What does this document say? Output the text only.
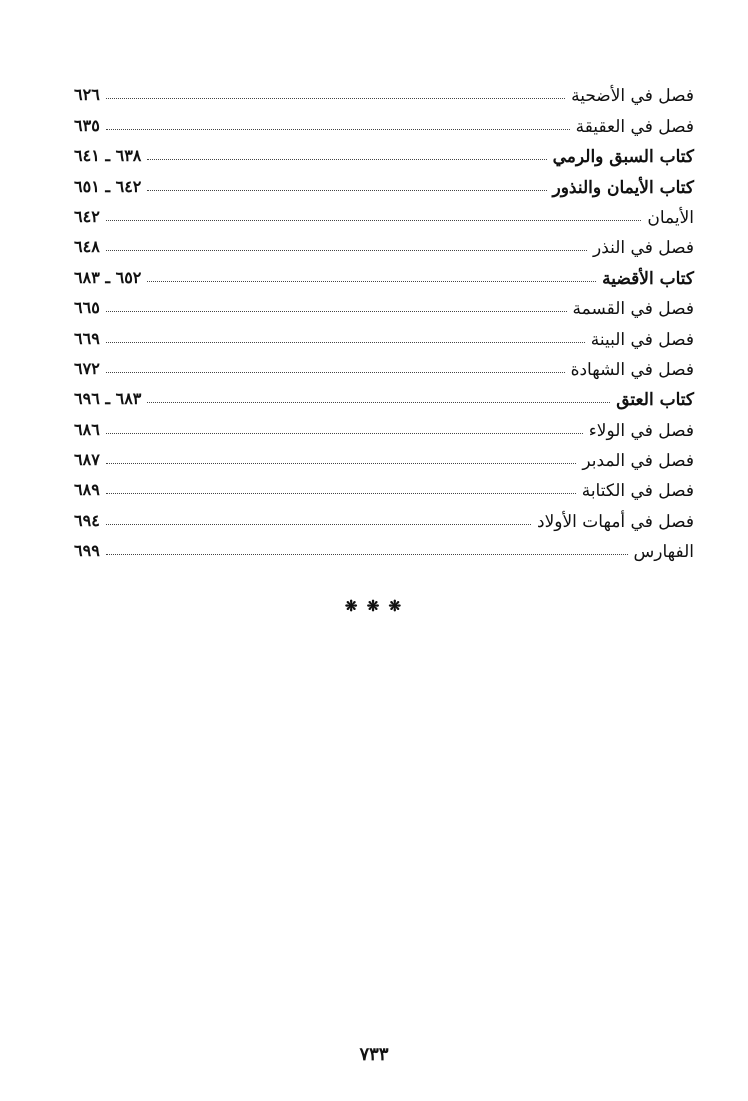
فصل في الأضحية
٦٢٦
فصل في العقيقة
٦٣٥
كتاب السبق والرمي
٦٣٨ ـ ٦٤١
كتاب الأيمان والنذور
٦٤٢ ـ ٦٥١
الأيمان
٦٤٢
فصل في النذر
٦٤٨
كتاب الأقضية
٦٥٢ ـ ٦٨٣
فصل في القسمة
٦٦٥
فصل في البينة
٦٦٩
فصل في الشهادة
٦٧٢
كتاب العتق
٦٨٣ ـ ٦٩٦
فصل في الولاء
٦٨٦
فصل في المدبر
٦٨٧
فصل في الكتابة
٦٨٩
فصل في أمهات الأولاد
٦٩٤
الفهارس
٦٩٩
❋ ❋ ❋
٧٣٣
